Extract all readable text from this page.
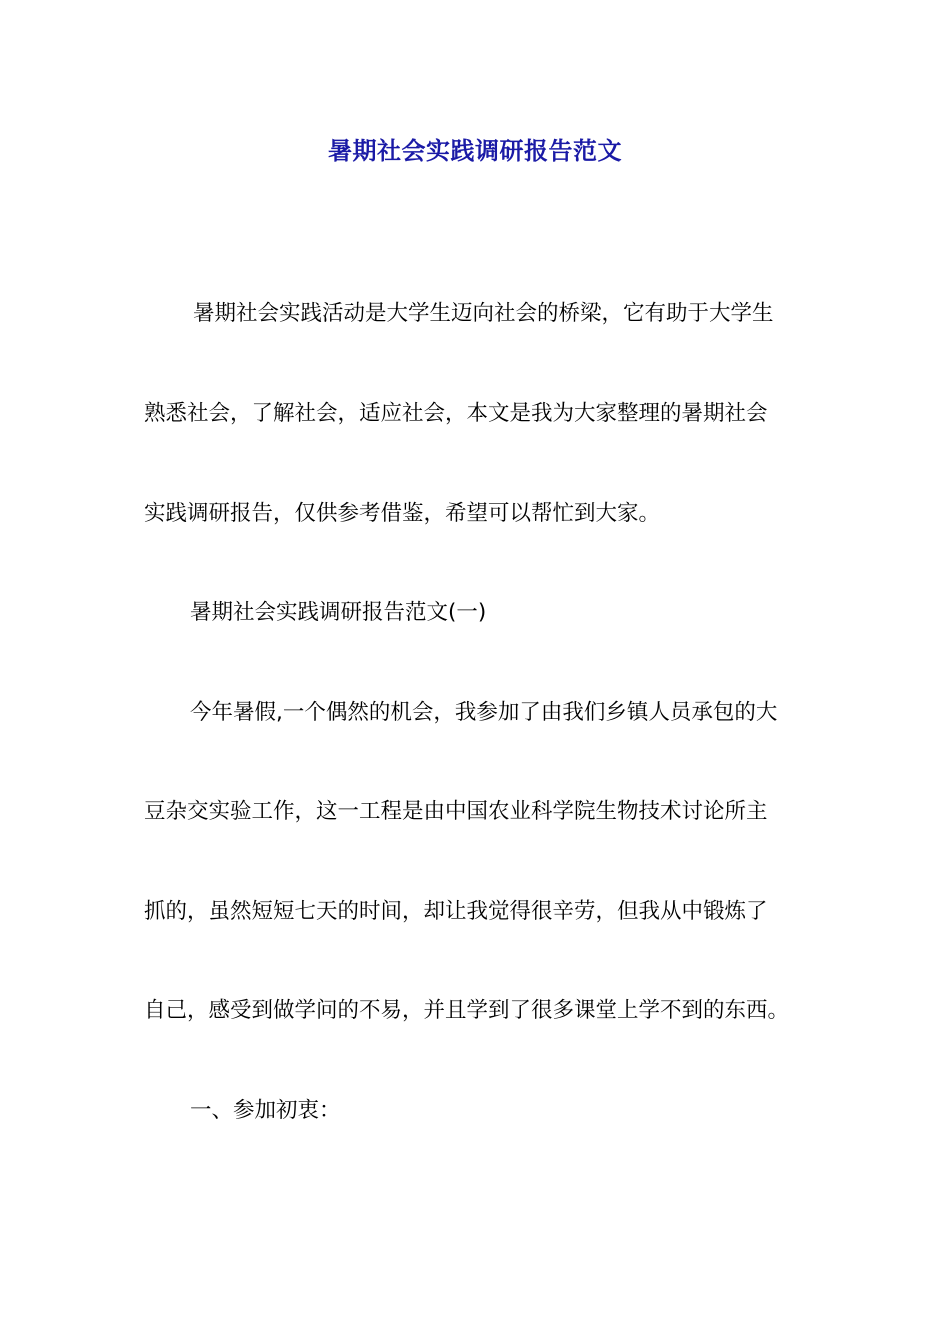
暑期社会实践调研报告范文
暑期社会实践活动是大学生迈向社会的桥梁，它有助于大学生
熟悉社会，了解社会，适应社会，本文是我为大家整理的暑期社会
实践调研报告，仅供参考借鉴，希望可以帮忙到大家。
暑期社会实践调研报告范文(一)
今年暑假,一个偶然的机会，我参加了由我们乡镇人员承包的大
豆杂交实验工作，这一工程是由中国农业科学院生物技术讨论所主
抓的，虽然短短七天的时间，却让我觉得很辛劳，但我从中锻炼了
自己，感受到做学问的不易，并且学到了很多课堂上学不到的东西。
一、参加初衷：
